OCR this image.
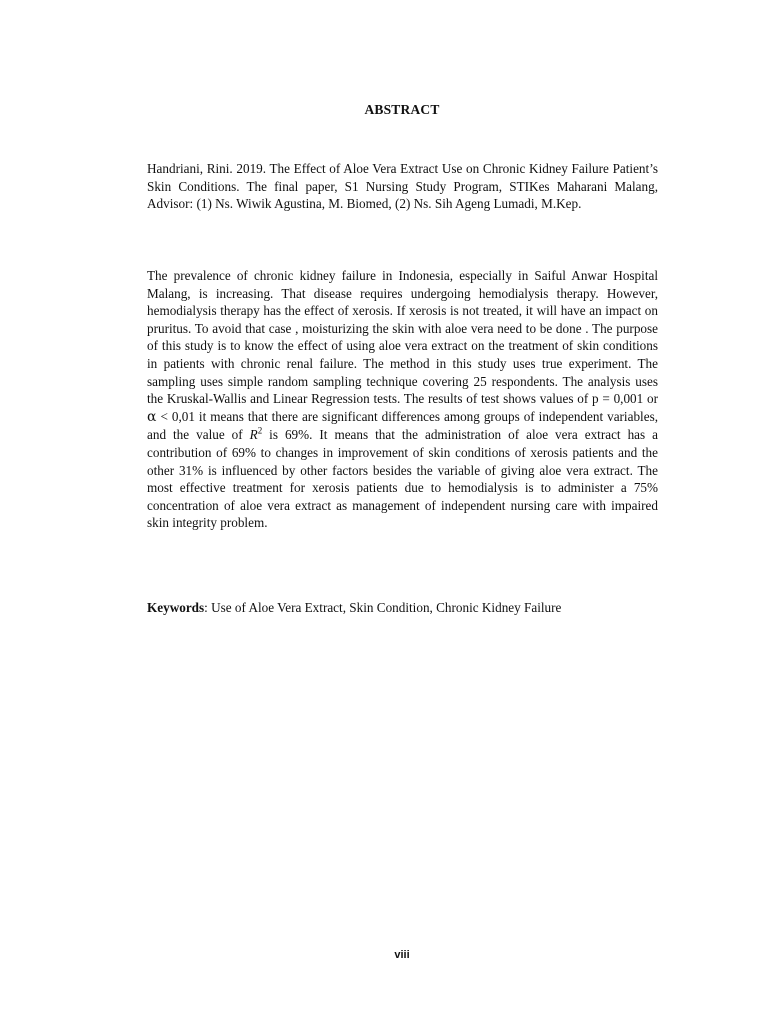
ABSTRACT

Handriani, Rini. 2019. The Effect of Aloe Vera Extract Use on Chronic Kidney Failure Patient’s Skin Conditions. The final paper, S1 Nursing Study Program, STIKes Maharani Malang, Advisor: (1) Ns. Wiwik Agustina, M. Biomed, (2) Ns. Sih Ageng Lumadi, M.Kep.

The prevalence of chronic kidney failure in Indonesia, especially in Saiful Anwar Hospital Malang, is increasing. That disease requires undergoing hemodialysis therapy. However, hemodialysis therapy has the effect of xerosis. If xerosis is not treated, it will have an impact on pruritus. To avoid that case , moisturizing the skin with aloe vera need to be done . The purpose of this study is to know the effect of using aloe vera extract on the treatment of skin conditions in patients with chronic renal failure. The method in this study uses true experiment. The sampling uses simple random sampling technique covering 25 respondents. The analysis uses the Kruskal-Wallis and Linear Regression tests. The results of test shows values of p = 0,001 or α < 0,01 it means that there are significant differences among groups of independent variables, and the value of $R^2$ is 69%. It means that the administration of aloe vera extract has a contribution of 69% to changes in improvement of skin conditions of xerosis patients and the other 31% is influenced by other factors besides the variable of giving aloe vera extract. The most effective treatment for xerosis patients due to hemodialysis is to administer a 75% concentration of aloe vera extract as management of independent nursing care with impaired skin integrity problem.

Keywords: Use of Aloe Vera Extract, Skin Condition, Chronic Kidney Failure

viii
